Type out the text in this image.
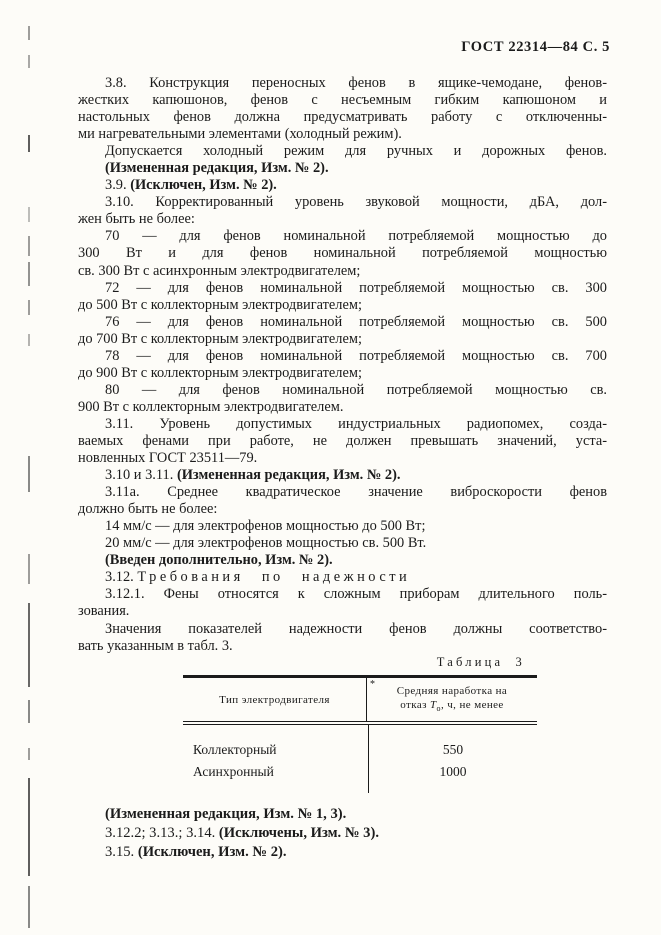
ГОСТ 22314—84 С. 5
3.8. Конструкция переносных фенов в ящике-чемодане, фенов-
жестких капюшонов, фенов с несъемным гибким капюшоном и
настольных фенов должна предусматривать работу с отключенны-
ми нагревательными элементами (холодный режим).
Допускается холодный режим для ручных и дорожных фенов.
(Измененная редакция, Изм. № 2).
3.9. (Исключен, Изм. № 2).
3.10. Корректированный уровень звуковой мощности, дБА, дол-
жен быть не более:
70 — для фенов номинальной потребляемой мощностью до
300 Вт и для фенов номинальной потребляемой мощностью
св. 300 Вт с асинхронным электродвигателем;
72 — для фенов номинальной потребляемой мощностью св. 300
до 500 Вт с коллекторным электродвигателем;
76 — для фенов номинальной потребляемой мощностью св. 500
до 700 Вт с коллекторным электродвигателем;
78 — для фенов номинальной потребляемой мощностью св. 700
до 900 Вт с коллекторным электродвигателем;
80 — для фенов номинальной потребляемой мощностью св.
900 Вт с коллекторным электродвигателем.
3.11. Уровень допустимых индустриальных радиопомех, созда-
ваемых фенами при работе, не должен превышать значений, уста-
новленных ГОСТ 23511—79.
3.10 и 3.11. (Измененная редакция, Изм. № 2).
3.11а. Среднее квадратическое значение виброскорости фенов
должно быть не более:
14 мм/с — для электрофенов мощностью до 500 Вт;
20 мм/с — для электрофенов мощностью св. 500 Вт.
(Введен дополнительно, Изм. № 2).
3.12. Требования по надежности
3.12.1. Фены относятся к сложным приборам длительного поль-
зования.
Значения показателей надежности фенов должны соответство-
вать указанным в табл. 3.
Таблица 3
Тип электродвигателя
*
Средняя наработка на
отказ $Т_о$, ч, не менее
Коллекторный
Асинхронный
550
1000
(Измененная редакция, Изм. № 1, 3).
3.12.2; 3.13.; 3.14. (Исключены, Изм. № 3).
3.15. (Исключен, Изм. № 2).
